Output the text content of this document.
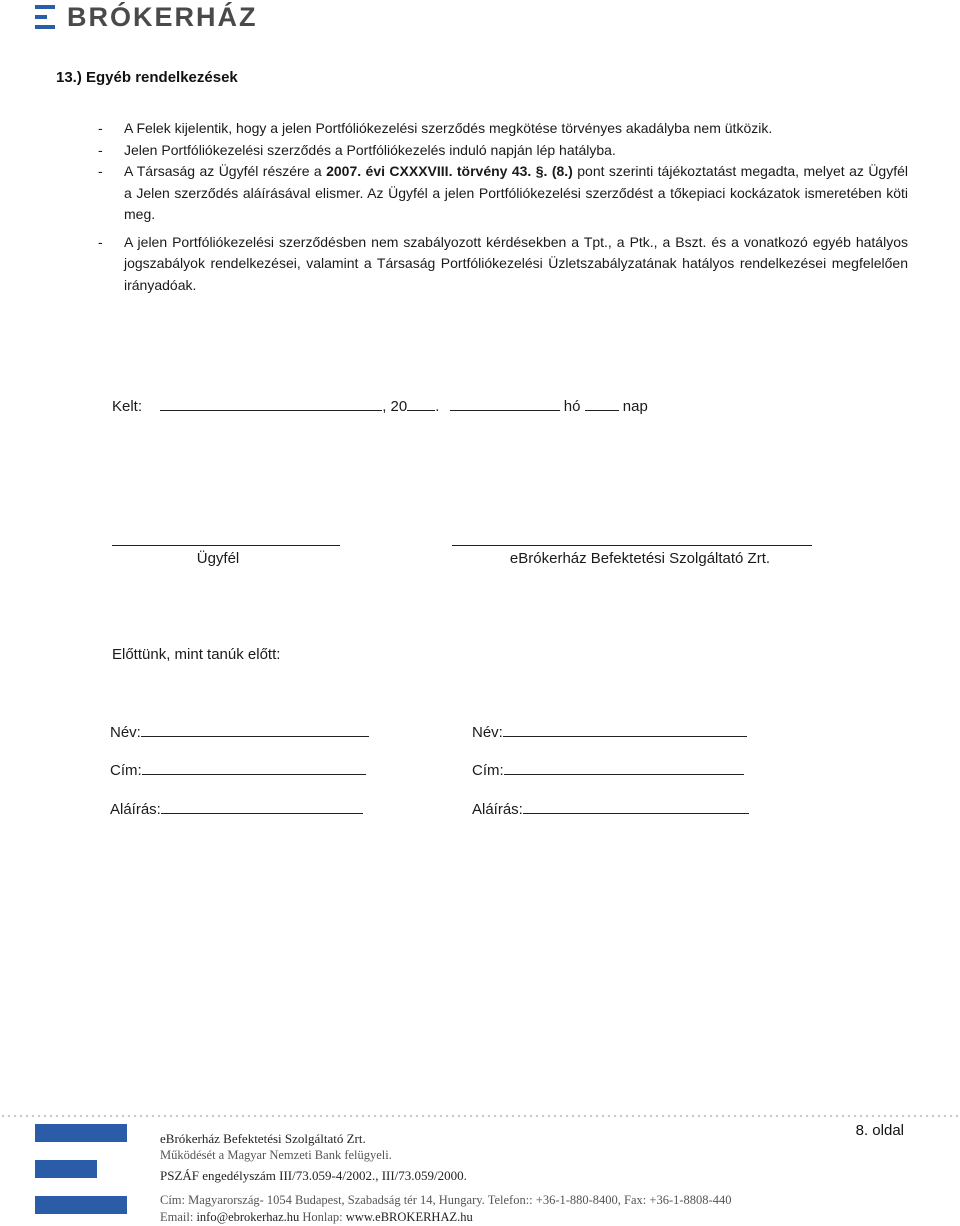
BRÓKERHÁZ
13.) Egyéb rendelkezések
- A Felek kijelentik, hogy a jelen Portfóliókezelési szerződés megkötése törvényes akadályba nem ütközik.
- Jelen Portfóliókezelési szerződés a Portfóliókezelés induló napján lép hatályba.
- A Társaság az Ügyfél részére a 2007. évi CXXXVIII. törvény 43. §. (8.) pont szerinti tájékoztatást megadta, melyet az Ügyfél a Jelen szerződés aláírásával elismer. Az Ügyfél a jelen Portfóliókezelési szerződést a tőkepiaci kockázatok ismeretében köti meg.
- A jelen Portfóliókezelési szerződésben nem szabályozott kérdésekben a Tpt., a Ptk., a Bszt. és a vonatkozó egyéb hatályos jogszabályok rendelkezései, valamint a Társaság Portfóliókezelési Üzletszabályzatának hatályos rendelkezései megfelelően irányadóak.
Kelt:	, 20 .	hó	nap
Ügyfél	eBrókerház Befektetési Szolgáltató Zrt.
Előttünk, mint tanúk előtt:
Név:
Cím:
Aláírás:
Név:
Cím:
Aláírás:
eBrókerház Befektetési Szolgáltató Zrt.
Működését a Magyar Nemzeti Bank felügyeli.
PSZÁF engedélyszám III/73.059-4/2002., III/73.059/2000.
Cím: Magyarország- 1054 Budapest, Szabadság tér 14, Hungary. Telefon:: +36-1-880-8400, Fax: +36-1-8808-440
Email: info@ebrokerhaz.hu Honlap: www.eBROKERHAZ.hu
8. oldal
